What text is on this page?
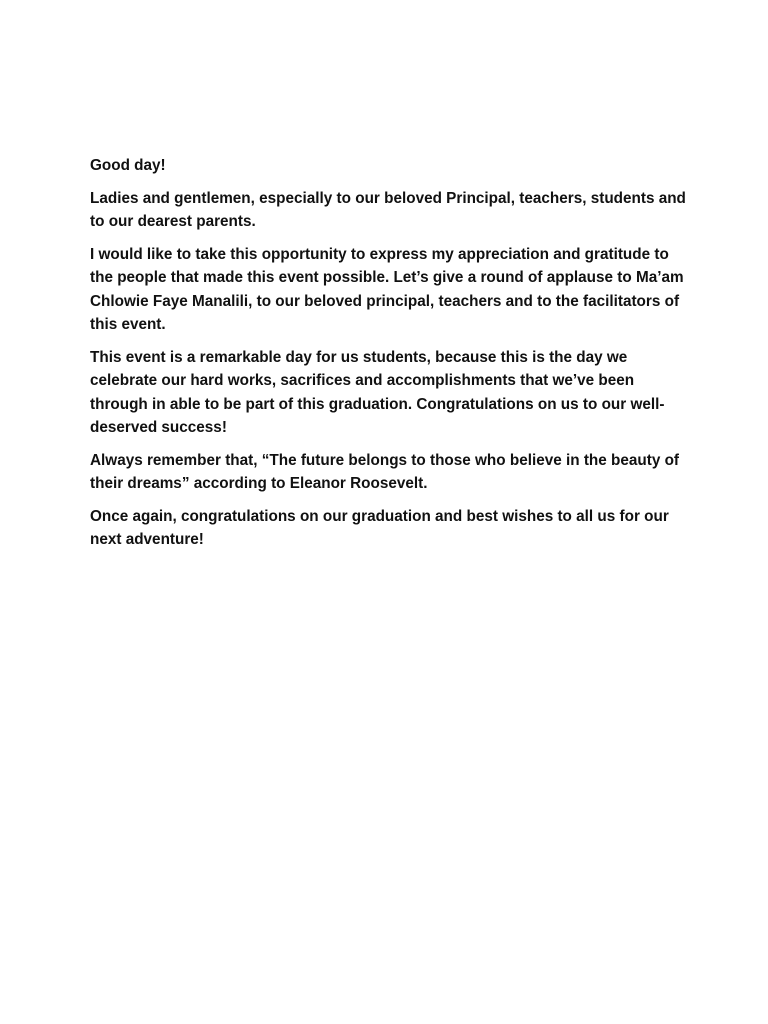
Good day!

Ladies and gentlemen, especially to our beloved Principal, teachers, students and to our dearest parents.

I would like to take this opportunity to express my appreciation and gratitude to the people that made this event possible. Let’s give a round of applause to Ma’am Chlowie Faye Manalili, to our beloved principal, teachers and to the facilitators of this event.

This event is a remarkable day for us students, because this is the day we celebrate our hard works, sacrifices and accomplishments that we’ve been through in able to be part of this graduation. Congratulations on us to our well-deserved success!

Always remember that, “The future belongs to those who believe in the beauty of their dreams” according to Eleanor Roosevelt.

Once again, congratulations on our graduation and best wishes to all us for our next adventure!
